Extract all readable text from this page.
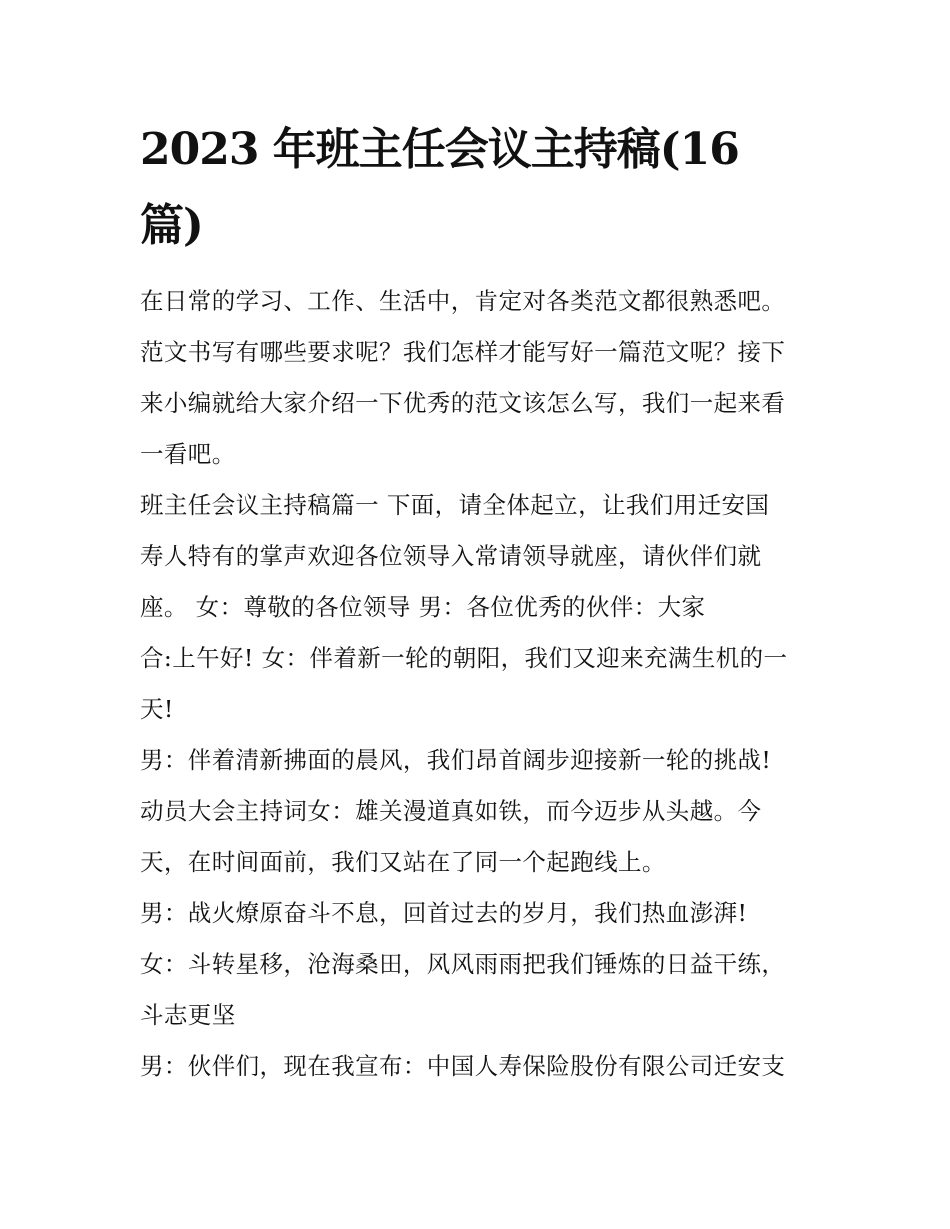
2023 年班主任会议主持稿(16
篇)
在日常的学习、工作、生活中，肯定对各类范文都很熟悉吧。
范文书写有哪些要求呢？我们怎样才能写好一篇范文呢？接下
来小编就给大家介绍一下优秀的范文该怎么写，我们一起来看
一看吧。
班主任会议主持稿篇一 下面，请全体起立，让我们用迁安国
寿人特有的掌声欢迎各位领导入常请领导就座，请伙伴们就
座。 女：尊敬的各位领导 男：各位优秀的伙伴：大家
合:上午好! 女：伴着新一轮的朝阳，我们又迎来充满生机的一
天!
男：伴着清新拂面的晨风，我们昂首阔步迎接新一轮的挑战!
动员大会主持词女：雄关漫道真如铁，而今迈步从头越。今
天，在时间面前，我们又站在了同一个起跑线上。
男：战火燎原奋斗不息，回首过去的岁月，我们热血澎湃!
女：斗转星移，沧海桑田，风风雨雨把我们锤炼的日益干练，
斗志更坚
男：伙伴们，现在我宣布：中国人寿保险股份有限公司迁安支
